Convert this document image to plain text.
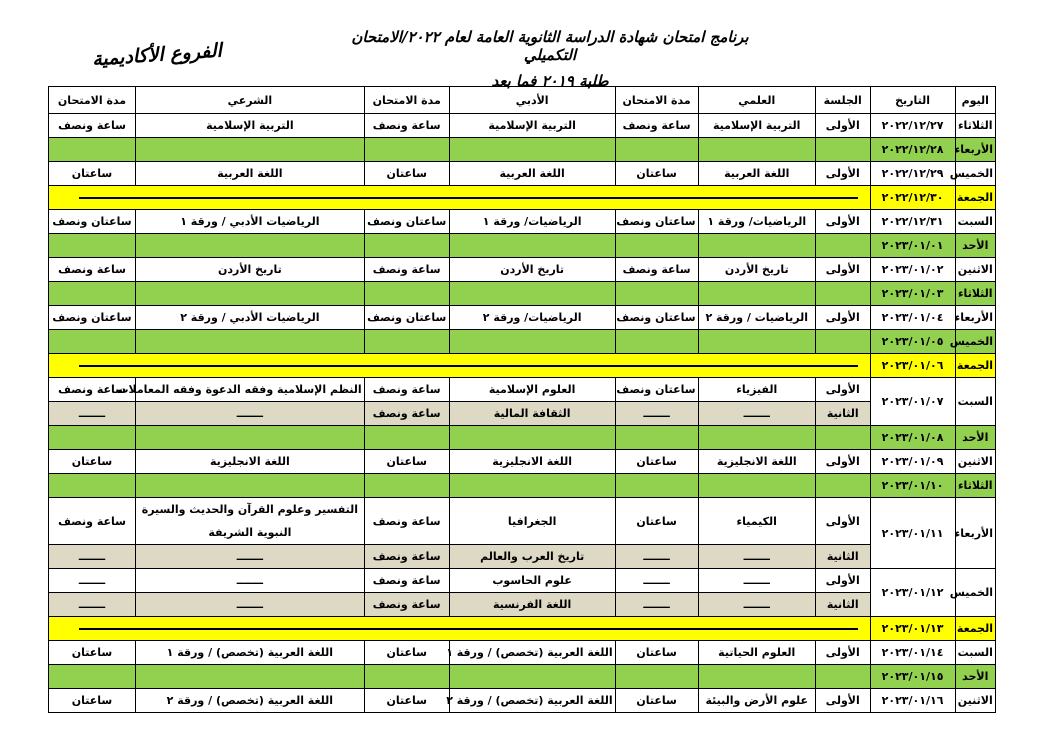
برنامج امتحان شهادة الدراسة الثانوية العامة لعام ٢٠٢٢/الامتحان التكميلي
طلبة ٢٠١٩ فما بعد
الفروع الأكاديمية
اليوم	التاريخ	الجلسة	العلمي	مدة الامتحان	الأدبي	مدة الامتحان	الشرعي	مدة الامتحان
الثلاثاء	٢٠٢٢/١٢/٢٧	الأولى	التربية الإسلامية	ساعة ونصف	التربية الإسلامية	ساعة ونصف	التربية الإسلامية	ساعة ونصف
الأربعاء	٢٠٢٢/١٢/٢٨							
الخميس	٢٠٢٢/١٢/٢٩	الأولى	اللغة العربية	ساعتان	اللغة العربية	ساعتان	اللغة العربية	ساعتان
الجمعة	٢٠٢٢/١٢/٣٠							

السبت	٢٠٢٢/١٢/٣١	الأولى	الرياضيات/ ورقة ١	ساعتان ونصف	الرياضيات/ ورقة ١	ساعتان ونصف	الرياضيات الأدبي / ورقة ١	ساعتان ونصف
الأحد	٢٠٢٣/٠١/٠١							
الاثنين	٢٠٢٣/٠١/٠٢	الأولى	تاريخ الأردن	ساعة ونصف	تاريخ الأردن	ساعة ونصف	تاريخ الأردن	ساعة ونصف
الثلاثاء	٢٠٢٣/٠١/٠٣							
الأربعاء	٢٠٢٣/٠١/٠٤	الأولى	الرياضيات / ورقة ٢	ساعتان ونصف	الرياضيات/ ورقة ٢	ساعتان ونصف	الرياضيات الأدبي / ورقة ٢	ساعتان ونصف
الخميس	٢٠٢٣/٠١/٠٥							
الجمعة	٢٠٢٣/٠١/٠٦							

السبت	٢٠٢٣/٠١/٠٧	الأولى	الفيزياء	ساعتان ونصف	العلوم الإسلامية	ساعة ونصف	النظم الإسلامية وفقه الدعوة وفقه المعاملات	ساعة ونصف
		الثانية	ـــــــ	ـــــــ	الثقافة المالية	ساعة ونصف	ـــــــ	ـــــــ
الأحد	٢٠٢٣/٠١/٠٨							
الاثنين	٢٠٢٣/٠١/٠٩	الأولى	اللغة الانجليزية	ساعتان	اللغة الانجليزية	ساعتان	اللغة الانجليزية	ساعتان
الثلاثاء	٢٠٢٣/٠١/١٠							
الأربعاء	٢٠٢٣/٠١/١١	الأولى	الكيمياء	ساعتان	الجغرافيا	ساعة ونصف	التفسير وعلوم القرآن والحديث والسيرة النبوية الشريفة	ساعة ونصف
		الثانية	ـــــــ	ـــــــ	تاريخ العرب والعالم	ساعة ونصف	ـــــــ	ـــــــ
الخميس	٢٠٢٣/٠١/١٢	الأولى	ـــــــ	ـــــــ	علوم الحاسوب	ساعة ونصف	ـــــــ	ـــــــ
		الثانية	ـــــــ	ـــــــ	اللغة الفرنسية	ساعة ونصف	ـــــــ	ـــــــ
الجمعة	٢٠٢٣/٠١/١٣							

السبت	٢٠٢٣/٠١/١٤	الأولى	العلوم الحياتية	ساعتان	اللغة العربية (تخصص) / ورقة ١	ساعتان	اللغة العربية (تخصص) / ورقة ١	ساعتان
الأحد	٢٠٢٣/٠١/١٥							
الاثنين	٢٠٢٣/٠١/١٦	الأولى	علوم الأرض والبيئة	ساعتان	اللغة العربية (تخصص) / ورقة ٢	ساعتان	اللغة العربية (تخصص) / ورقة ٢	ساعتان
